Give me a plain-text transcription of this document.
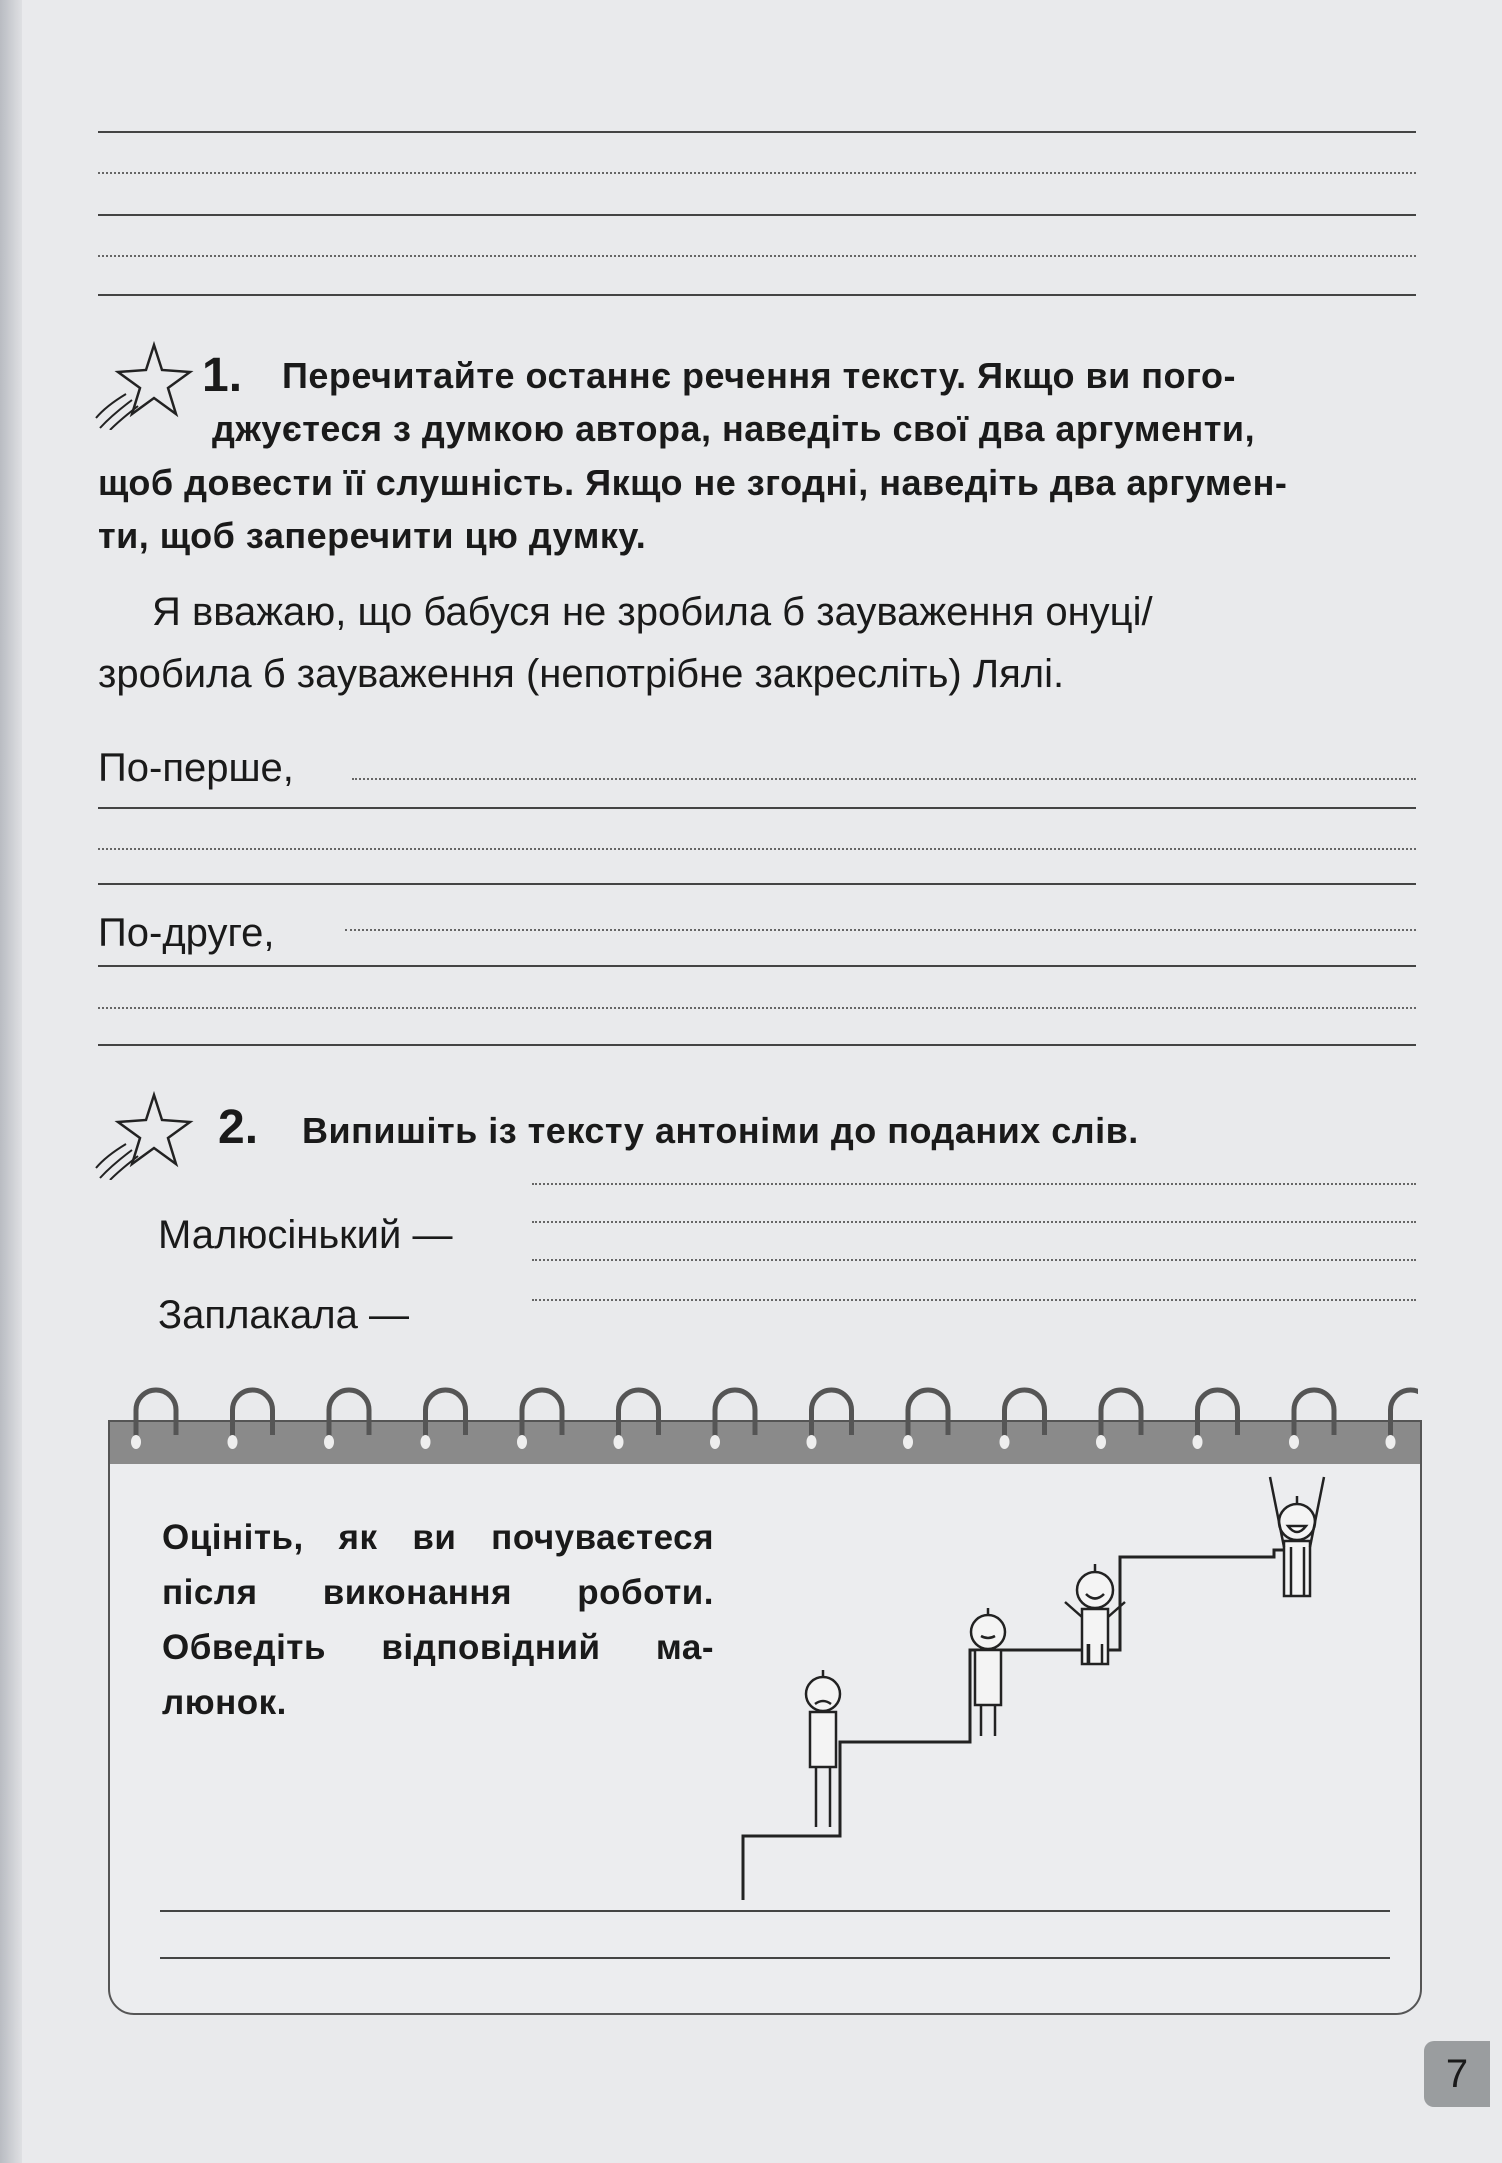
1. Перечитайте останнє речення тексту. Якщо ви пого-
джуєтеся з думкою автора, наведіть свої два аргументи,
щоб довести її слушність. Якщо не згодні, наведіть два аргумен-
ти, щоб заперечити цю думку.
Я вважаю, що бабуся не зробила б зауваження онуці/
зробила б зауваження (непотрібне закресліть) Лялі.
По-перше,
По-друге,
2. Випишіть із тексту антоніми до поданих слів.
Малюсінький —
Заплакала —
Оцініть, як ви почуваєтеся
після виконання роботи.
Обведіть відповідний ма-
люнок.
7
